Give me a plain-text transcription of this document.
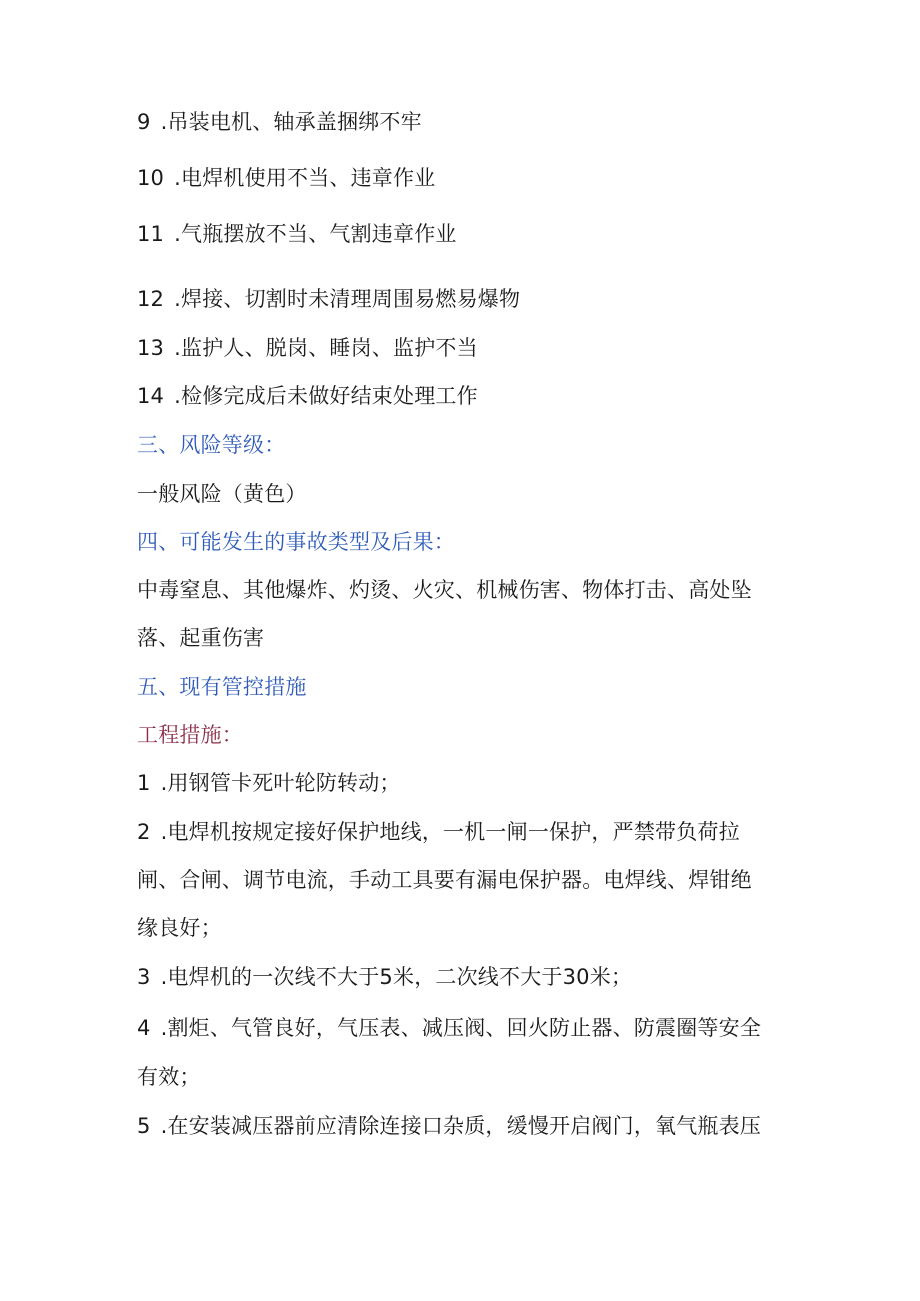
9 .吊装电机、轴承盖捆绑不牢
10 .电焊机使用不当、违章作业
11 .气瓶摆放不当、气割违章作业
12 .焊接、切割时未清理周围易燃易爆物
13 .监护人、脱岗、睡岗、监护不当
14 .检修完成后未做好结束处理工作
三、风险等级：
一般风险（黄色）
四、可能发生的事故类型及后果：
中毒窒息、其他爆炸、灼烫、火灾、机械伤害、物体打击、高处坠
落、起重伤害
五、现有管控措施
工程措施：
1 .用钢管卡死叶轮防转动；
2 .电焊机按规定接好保护地线，一机一闸一保护，严禁带负荷拉
闸、合闸、调节电流，手动工具要有漏电保护器。电焊线、焊钳绝
缘良好；
3 .电焊机的一次线不大于5米，二次线不大于30米；
4 .割炬、气管良好，气压表、减压阀、回火防止器、防震圈等安全
有效；
5 .在安装减压器前应清除连接口杂质，缓慢开启阀门，氧气瓶表压
